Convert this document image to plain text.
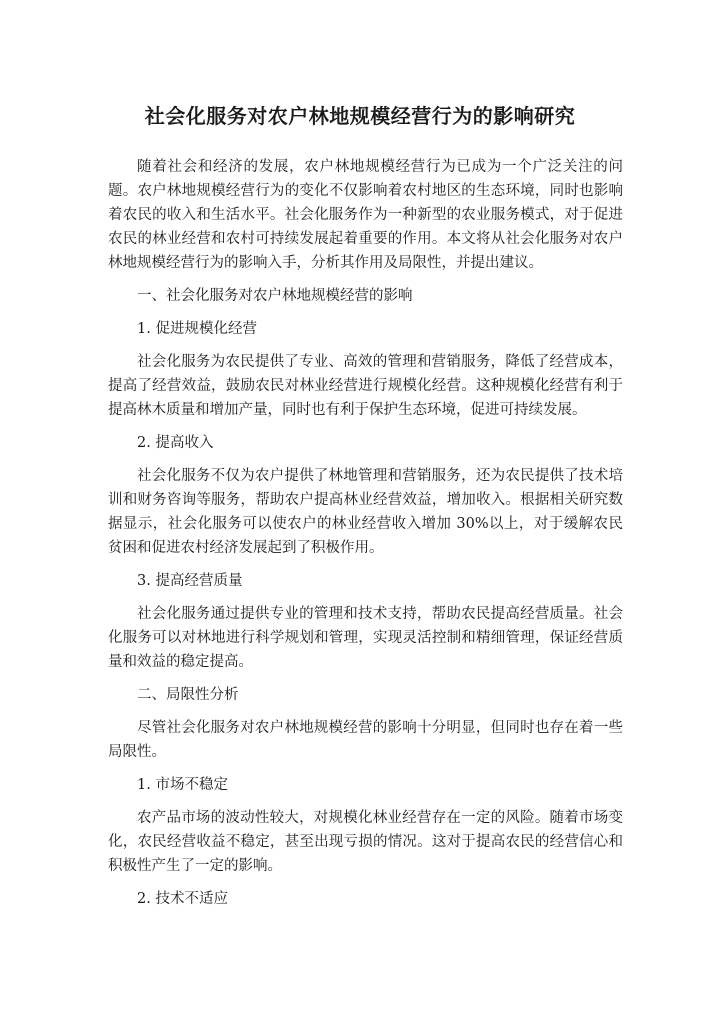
社会化服务对农户林地规模经营行为的影响研究

随着社会和经济的发展，农户林地规模经营行为已成为一个广泛关注的问题。农户林地规模经营行为的变化不仅影响着农村地区的生态环境，同时也影响着农民的收入和生活水平。社会化服务作为一种新型的农业服务模式，对于促进农民的林业经营和农村可持续发展起着重要的作用。本文将从社会化服务对农户林地规模经营行为的影响入手，分析其作用及局限性，并提出建议。

一、社会化服务对农户林地规模经营的影响

1. 促进规模化经营

社会化服务为农民提供了专业、高效的管理和营销服务，降低了经营成本，提高了经营效益，鼓励农民对林业经营进行规模化经营。这种规模化经营有利于提高林木质量和增加产量，同时也有利于保护生态环境，促进可持续发展。

2. 提高收入

社会化服务不仅为农户提供了林地管理和营销服务，还为农民提供了技术培训和财务咨询等服务，帮助农户提高林业经营效益，增加收入。根据相关研究数据显示，社会化服务可以使农户的林业经营收入增加 30%以上，对于缓解农民贫困和促进农村经济发展起到了积极作用。

3. 提高经营质量

社会化服务通过提供专业的管理和技术支持，帮助农民提高经营质量。社会化服务可以对林地进行科学规划和管理，实现灵活控制和精细管理，保证经营质量和效益的稳定提高。

二、局限性分析

尽管社会化服务对农户林地规模经营的影响十分明显，但同时也存在着一些局限性。

1. 市场不稳定

农产品市场的波动性较大，对规模化林业经营存在一定的风险。随着市场变化，农民经营收益不稳定，甚至出现亏损的情况。这对于提高农民的经营信心和积极性产生了一定的影响。

2. 技术不适应
